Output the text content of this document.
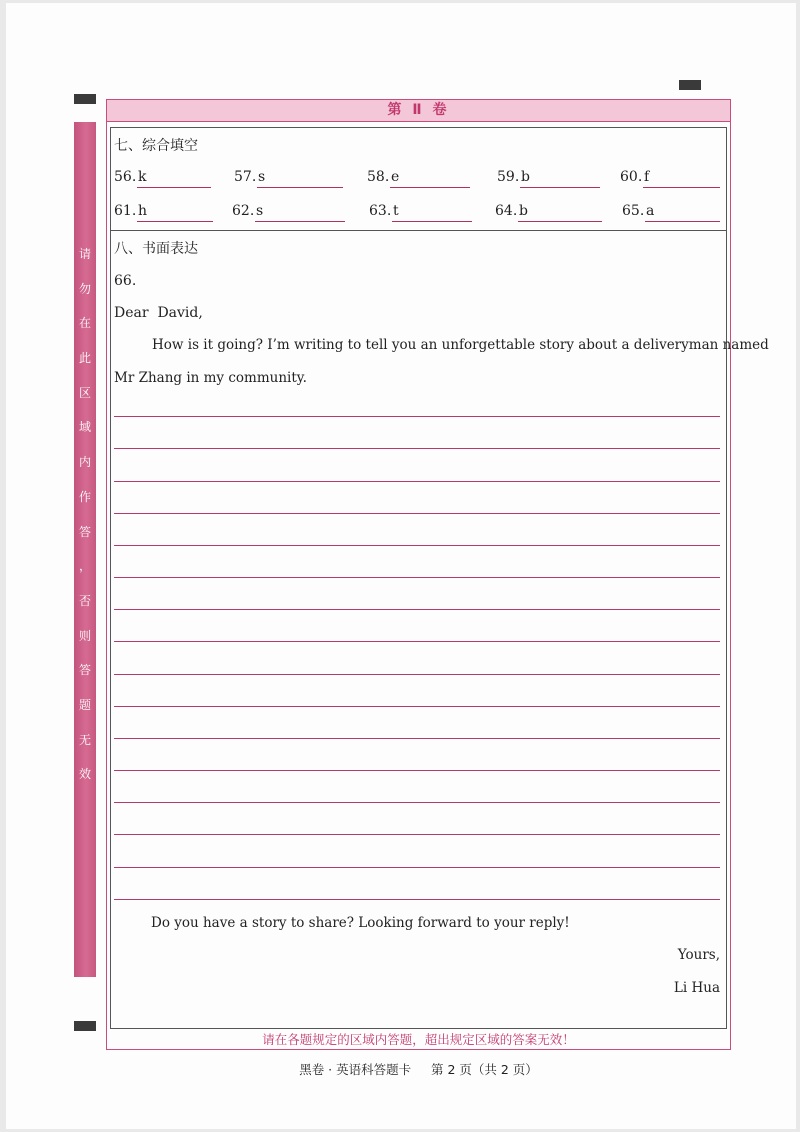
请
勿
在
此
区
域
内
作
答
，
否
则
答
题
无
效
第 Ⅱ 卷
七、综合填空
56. k	57. s	58. e	59. b	60. f
61. h	62. s	63. t	64. b	65. a
八、书面表达
66.
Dear  David,
How is it going? I’m writing to tell you an unforgettable story about a deliveryman named
Mr Zhang in my community.
Do you have a story to share? Looking forward to your reply!
Yours,
Li Hua
请在各题规定的区域内答题，超出规定区域的答案无效！
黑卷 · 英语科答题卡     第 2 页（共 2 页）
